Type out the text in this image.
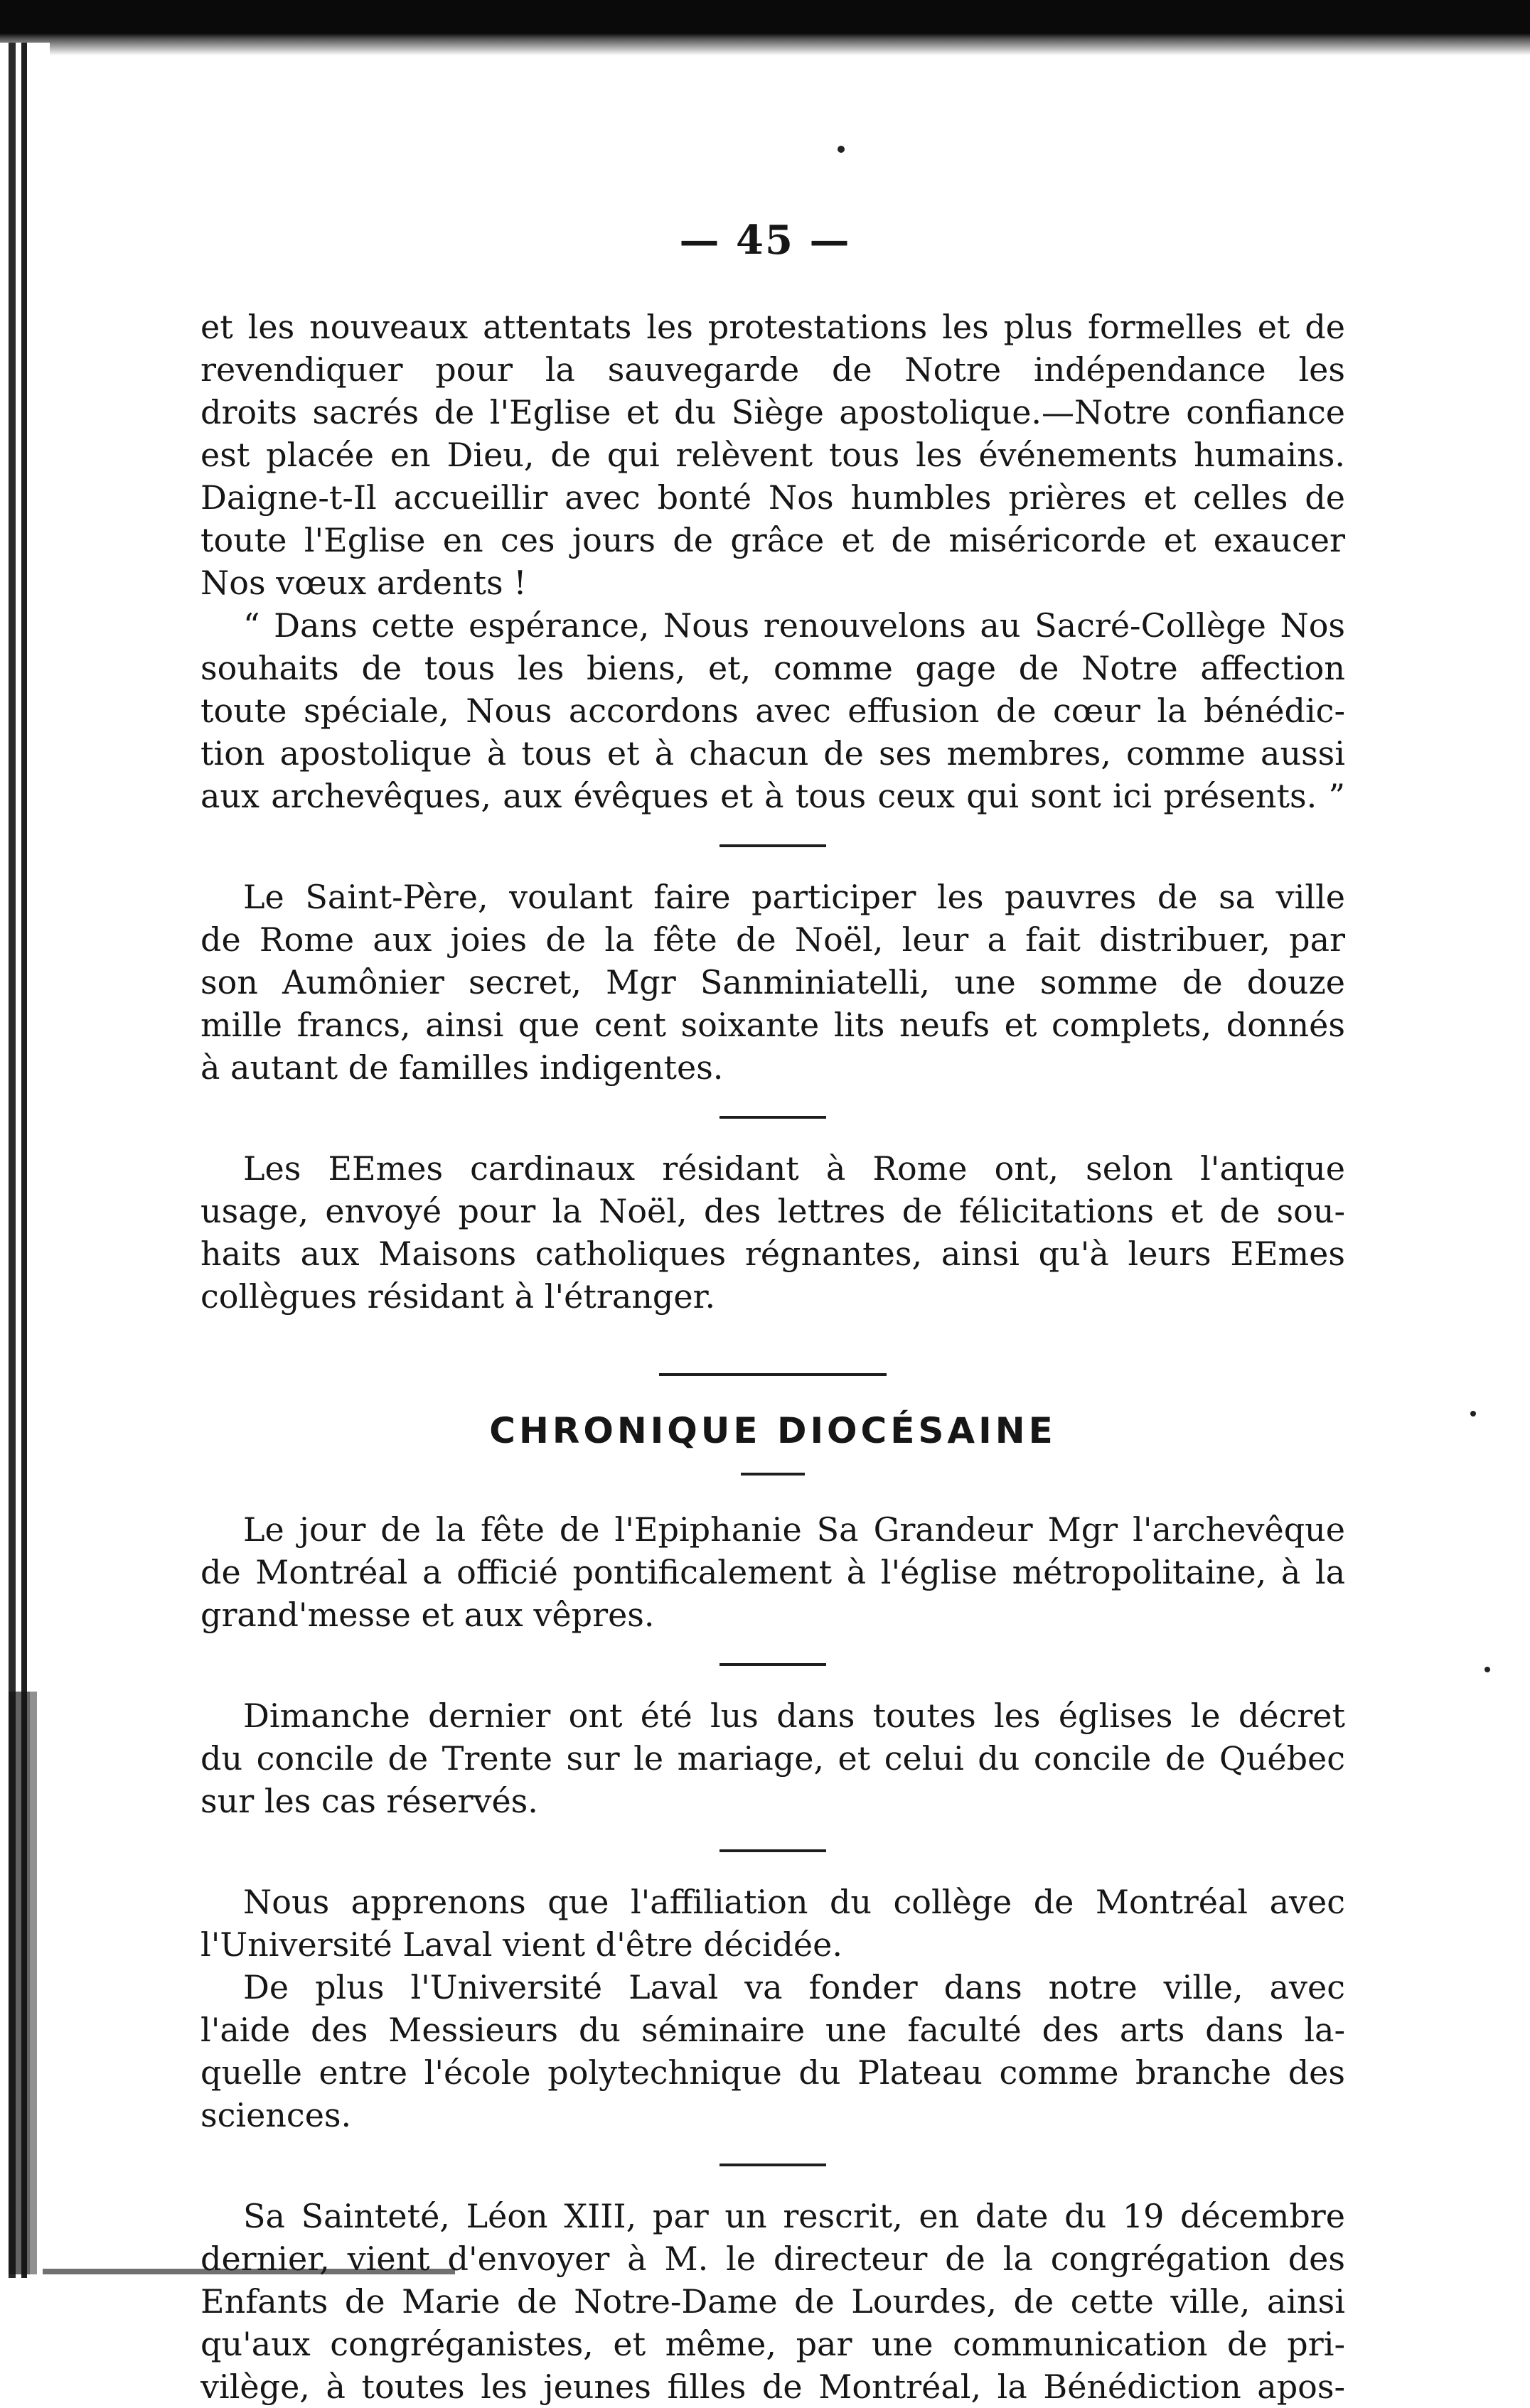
— 45 —

et les nouveaux attentats les protestations les plus formelles et de revendiquer pour la sauvegarde de Notre indépendance les droits sacrés de l'Eglise et du Siège apostolique.—Notre confiance est placée en Dieu, de qui relèvent tous les événements humains. Daigne-t-Il accueillir avec bonté Nos humbles prières et celles de toute l'Eglise en ces jours de grâce et de miséricorde et exaucer Nos vœux ardents !

“ Dans cette espérance, Nous renouvelons au Sacré-Collège Nos souhaits de tous les biens, et, comme gage de Notre affection toute spéciale, Nous accordons avec effusion de cœur la bénédic- tion apostolique à tous et à chacun de ses membres, comme aussi aux archevêques, aux évêques et à tous ceux qui sont ici présents. ”

Le Saint-Père, voulant faire participer les pauvres de sa ville de Rome aux joies de la fête de Noël, leur a fait distribuer, par son Aumônier secret, Mgr Sanminiatelli, une somme de douze mille francs, ainsi que cent soixante lits neufs et complets, donnés à autant de familles indigentes.

Les EEmes cardinaux résidant à Rome ont, selon l'antique usage, envoyé pour la Noël, des lettres de félicitations et de sou- haits aux Maisons catholiques régnantes, ainsi qu'à leurs EEmes collègues résidant à l'étranger.

CHRONIQUE DIOCÉSAINE

Le jour de la fête de l'Epiphanie Sa Grandeur Mgr l'archevêque de Montréal a officié pontificalement à l'église métropolitaine, à la grand'messe et aux vêpres.

Dimanche dernier ont été lus dans toutes les églises le décret du concile de Trente sur le mariage, et celui du concile de Québec sur les cas réservés.

Nous apprenons que l'affiliation du collège de Montréal avec l'Université Laval vient d'être décidée.

De plus l'Université Laval va fonder dans notre ville, avec l'aide des Messieurs du séminaire une faculté des arts dans la- quelle entre l'école polytechnique du Plateau comme branche des sciences.

Sa Sainteté, Léon XIII, par un rescrit, en date du 19 décembre dernier, vient d'envoyer à M. le directeur de la congrégation des Enfants de Marie de Notre-Dame de Lourdes, de cette ville, ainsi qu'aux congréganistes, et même, par une communication de pri- vilège, à toutes les jeunes filles de Montréal, la Bénédiction apos-
